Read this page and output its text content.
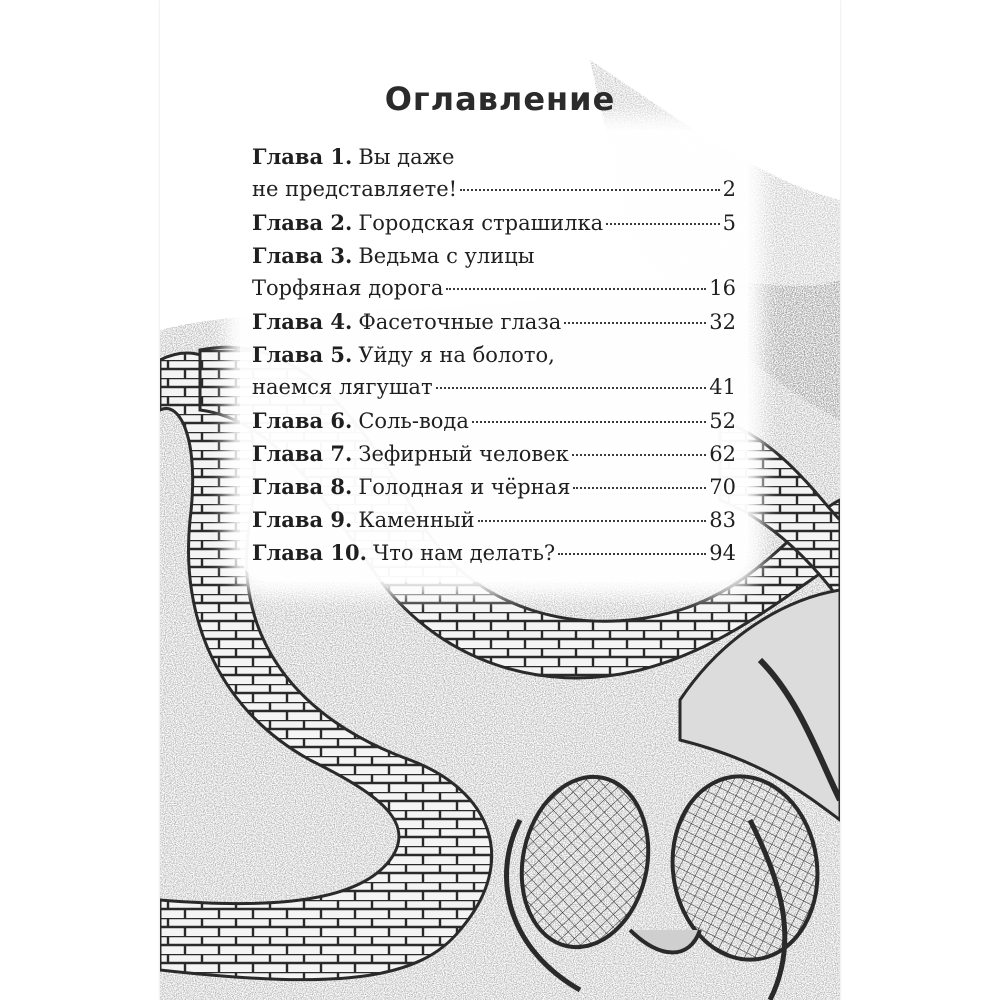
Оглавление
Глава 1. Вы даже
не представляете!	2
Глава 2. Городская страшилка	5
Глава 3. Ведьма с улицы
Торфяная дорога	16
Глава 4. Фасеточные глаза	32
Глава 5. Уйду я на болото,
наемся лягушат	41
Глава 6. Соль-вода	52
Глава 7. Зефирный человек	62
Глава 8. Голодная и чёрная	70
Глава 9. Каменный	83
Глава 10. Что нам делать?	94
